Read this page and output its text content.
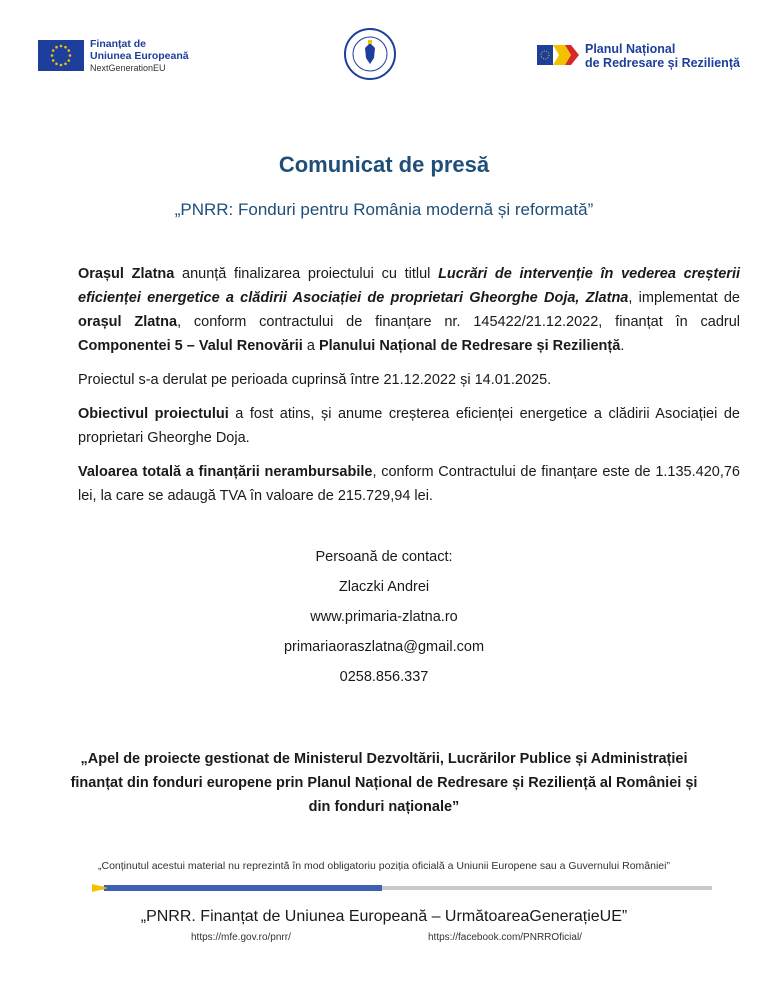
Finanțat de
Uniunea Europeană
NextGenerationEU
Planul Național
de Redresare și Reziliență
Comunicat de presă
„PNRR: Fonduri pentru România modernă și reformată”

Orașul Zlatna anunță finalizarea proiectului cu titlul Lucrări de intervenție în vederea creșterii eficienței energetice a clădirii Asociației de proprietari Gheorghe Doja, Zlatna, implementat de orașul Zlatna, conform contractului de finanțare nr. 145422/21.12.2022, finanțat în cadrul Componentei 5 – Valul Renovării a Planului Național de Redresare și Reziliență.

Proiectul s-a derulat pe perioada cuprinsă între 21.12.2022 și 14.01.2025.

Obiectivul proiectului a fost atins, și anume creșterea eficienței energetice a clădirii Asociației de proprietari Gheorghe Doja.

Valoarea totală a finanțării nerambursabile, conform Contractului de finanțare este de 1.135.420,76 lei, la care se adaugă TVA în valoare de 215.729,94 lei.

Persoană de contact:
Zlaczki Andrei
www.primaria-zlatna.ro
primariaoraszlatna@gmail.com
0258.856.337
„Apel de proiecte gestionat de Ministerul Dezvoltării, Lucrărilor Publice și Administrației finanțat din fonduri europene prin Planul Național de Redresare și Reziliență al României și din fonduri naționale”
„Conținutul acestui material nu reprezintă în mod obligatoriu poziția oficială a Uniunii Europene sau a Guvernului României”
„PNRR. Finanțat de Uniunea Europeană – UrmătoareaGenerațieUE”
https://mfe.gov.ro/pnrr/	https://facebook.com/PNRROficial/
